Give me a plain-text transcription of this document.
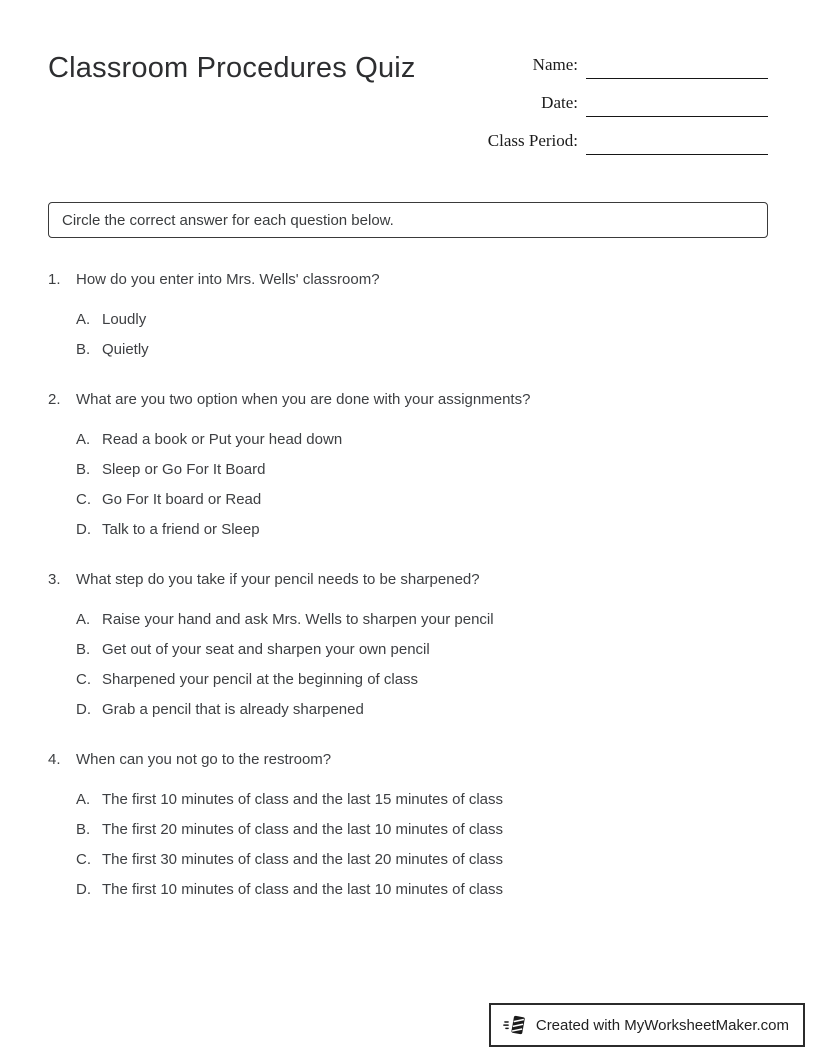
Classroom Procedures Quiz	Name:
Date:
Class Period:
Circle the correct answer for each question below.
1.	How do you enter into Mrs. Wells' classroom?
A. Loudly
B. Quietly
2.	What are you two option when you are done with your assignments?
A. Read a book or Put your head down
B. Sleep or Go For It Board
C. Go For It board or Read
D. Talk to a friend or Sleep
3.	What step do you take if your pencil needs to be sharpened?
A. Raise your hand and ask Mrs. Wells to sharpen your pencil
B. Get out of your seat and sharpen your own pencil
C. Sharpened your pencil at the beginning of class
D. Grab a pencil that is already sharpened
4.	When can you not go to the restroom?
A. The first 10 minutes of class and the last 15 minutes of class
B. The first 20 minutes of class and the last 10 minutes of class
C. The first 30 minutes of class and the last 20 minutes of class
D. The first 10 minutes of class and the last 10 minutes of class
Created with MyWorksheetMaker.com
